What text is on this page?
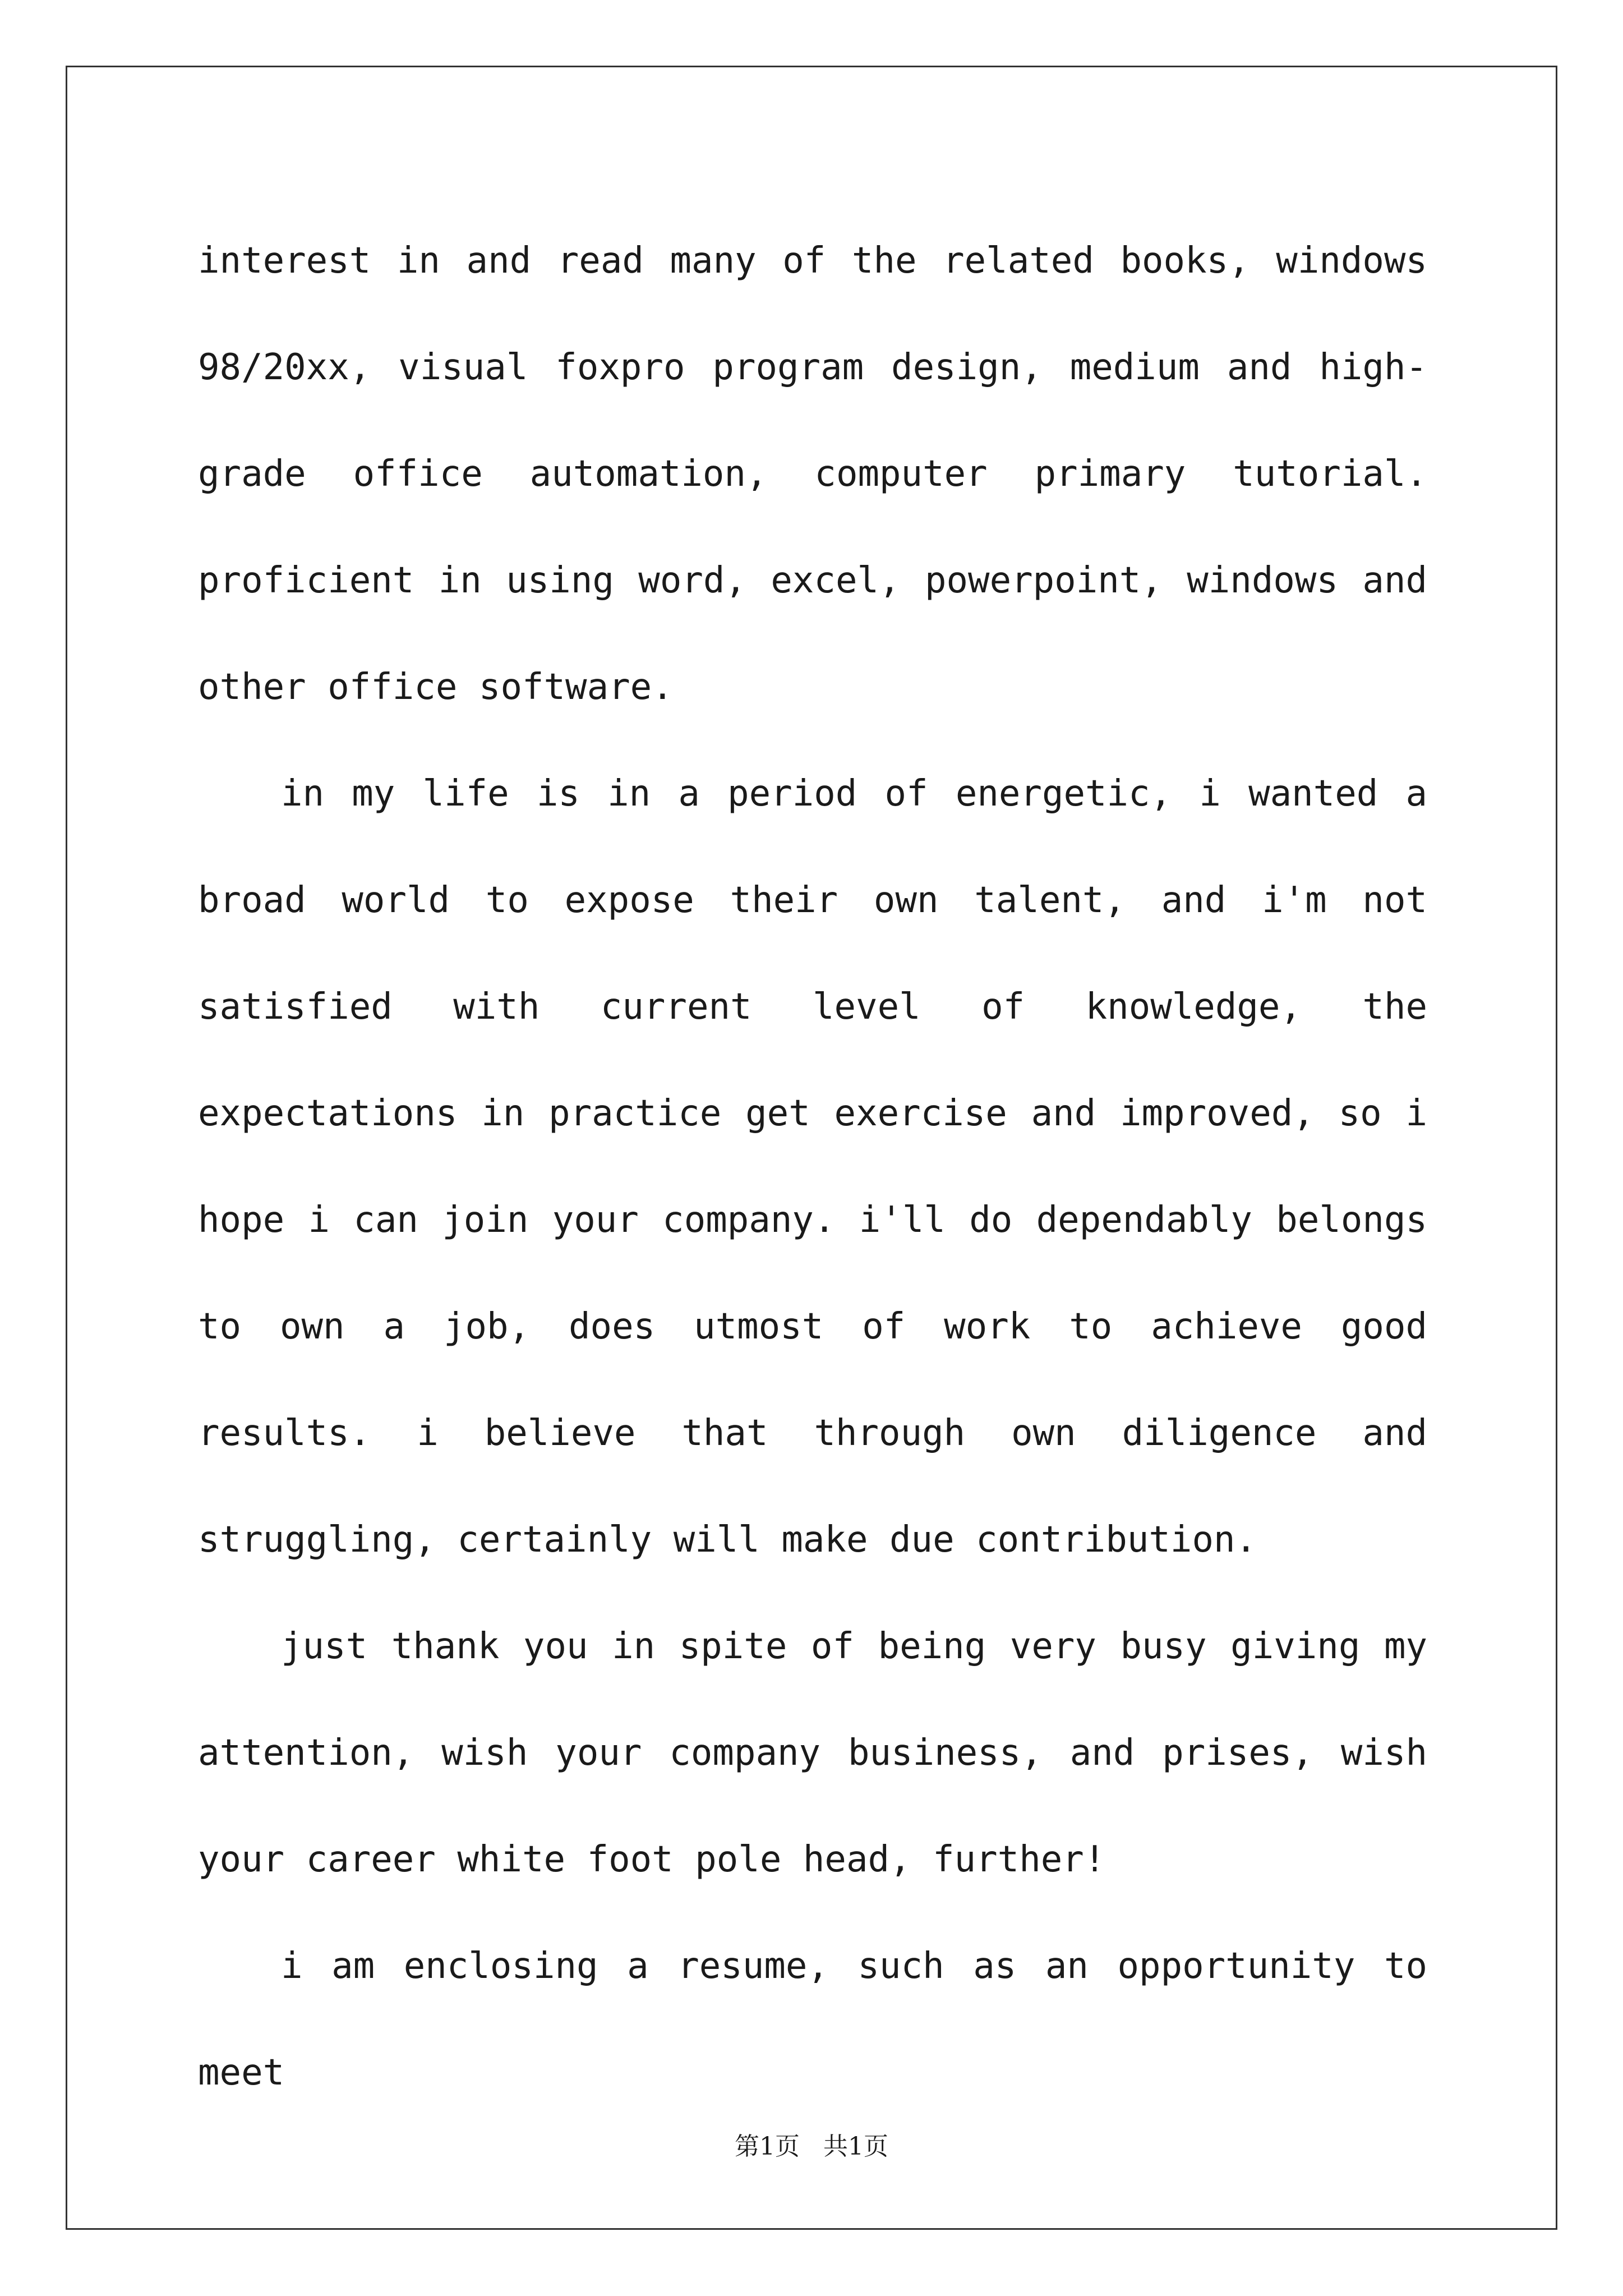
interest in and read many of the related books, windows 98/20xx, visual foxpro program design, medium and high-grade office automation, computer primary tutorial. proficient in using word, excel, powerpoint, windows and other office software.

in my life is in a period of energetic, i wanted a broad world to expose their own talent, and i'm not satisfied with current level of knowledge, the expectations in practice get exercise and improved, so i hope i can join your company. i'll do dependably belongs to own a job, does utmost of work to achieve good results. i believe that through own diligence and struggling, certainly will make due contribution.

just thank you in spite of being very busy giving my attention, wish your company business, and prises, wish your career white foot pole head, further!

i am enclosing a resume, such as an opportunity to meet

第1页   共1页
